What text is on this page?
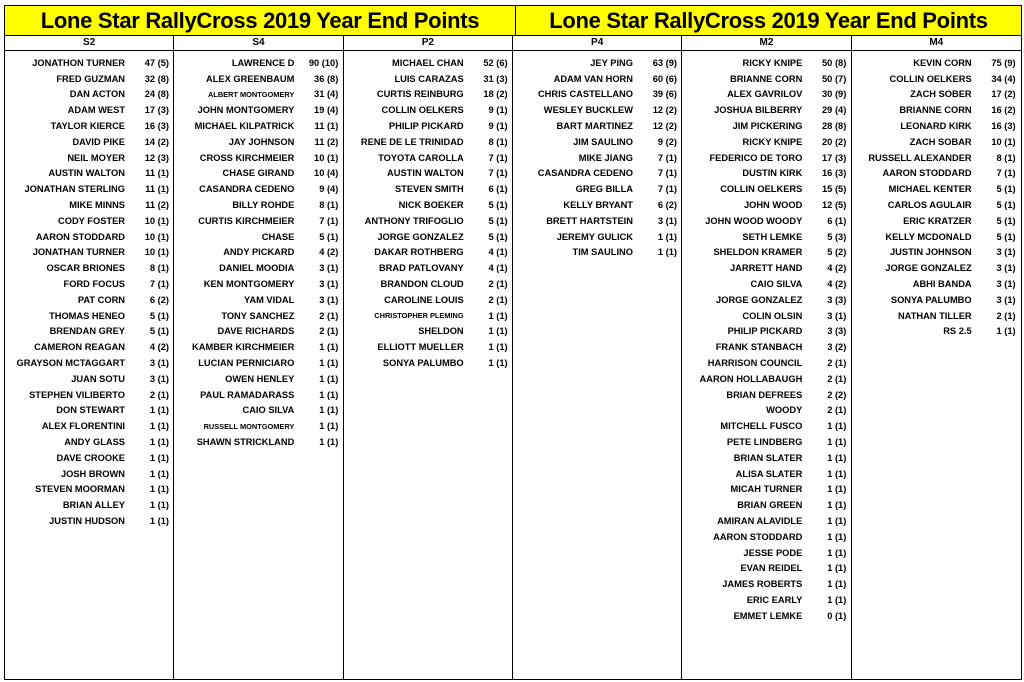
Lone Star RallyCross 2019 Year End Points	Lone Star RallyCross 2019 Year End Points
S2
JONATHON TURNER	47 (5)
FRED GUZMAN	32 (8)
DAN ACTON	24 (8)
ADAM WEST	17 (3)
TAYLOR KIERCE	16 (3)
DAVID PIKE	14 (2)
NEIL MOYER	12 (3)
AUSTIN WALTON	11 (1)
JONATHAN STERLING	11 (1)
MIKE MINNS	11 (2)
CODY FOSTER	10 (1)
AARON STODDARD	10 (1)
JONATHAN TURNER	10 (1)
OSCAR BRIONES	8 (1)
FORD FOCUS	7 (1)
PAT CORN	6 (2)
THOMAS HENEO	5 (1)
BRENDAN GREY	5 (1)
CAMERON REAGAN	4 (2)
GRAYSON MCTAGGART	3 (1)
JUAN SOTU	3 (1)
STEPHEN VILIBERTO	2 (1)
DON STEWART	1 (1)
ALEX FLORENTINI	1 (1)
ANDY GLASS	1 (1)
DAVE CROOKE	1 (1)
JOSH BROWN	1 (1)
STEVEN MOORMAN	1 (1)
BRIAN ALLEY	1 (1)
JUSTIN HUDSON	1 (1)
S4
LAWRENCE D	90 (10)
ALEX GREENBAUM	36 (8)
ALBERT MONTGOMERY	31 (4)
JOHN MONTGOMERY	19 (4)
MICHAEL KILPATRICK	11 (1)
JAY JOHNSON	11 (2)
CROSS KIRCHMEIER	10 (1)
CHASE GIRAND	10 (4)
CASANDRA CEDENO	9 (4)
BILLY ROHDE	8 (1)
CURTIS KIRCHMEIER	7 (1)
CHASE	5 (1)
ANDY PICKARD	4 (2)
DANIEL MOODIA	3 (1)
KEN MONTGOMERY	3 (1)
YAM VIDAL	3 (1)
TONY SANCHEZ	2 (1)
DAVE RICHARDS	2 (1)
KAMBER KIRCHMEIER	1 (1)
LUCIAN PERNICIARO	1 (1)
OWEN HENLEY	1 (1)
PAUL RAMADARASS	1 (1)
CAIO SILVA	1 (1)
RUSSELL MONTGOMERY	1 (1)
SHAWN STRICKLAND	1 (1)
P2
MICHAEL CHAN	52 (6)
LUIS CARAZAS	31 (3)
CURTIS REINBURG	18 (2)
COLLIN OELKERS	9 (1)
PHILIP PICKARD	9 (1)
RENE DE LE TRINIDAD	8 (1)
TOYOTA CAROLLA	7 (1)
AUSTIN WALTON	7 (1)
STEVEN SMITH	6 (1)
NICK BOEKER	5 (1)
ANTHONY TRIFOGLIO	5 (1)
JORGE GONZALEZ	5 (1)
DAKAR ROTHBERG	4 (1)
BRAD PATLOVANY	4 (1)
BRANDON CLOUD	2 (1)
CAROLINE LOUIS	2 (1)
CHRISTOPHER PLEMING	1 (1)
SHELDON	1 (1)
ELLIOTT MUELLER	1 (1)
SONYA PALUMBO	1 (1)
P4
JEY PING	63 (9)
ADAM VAN HORN	60 (6)
CHRIS CASTELLANO	39 (6)
WESLEY BUCKLEW	12 (2)
BART MARTINEZ	12 (2)
JIM SAULINO	9 (2)
MIKE JIANG	7 (1)
CASANDRA CEDENO	7 (1)
GREG BILLA	7 (1)
KELLY BRYANT	6 (2)
BRETT HARTSTEIN	3 (1)
JEREMY GULICK	1 (1)
TIM SAULINO	1 (1)
M2
RICKY KNIPE	50 (8)
BRIANNE CORN	50 (7)
ALEX GAVRILOV	30 (9)
JOSHUA BILBERRY	29 (4)
JIM PICKERING	28 (8)
RICKY KNIPE	20 (2)
FEDERICO DE TORO	17 (3)
DUSTIN KIRK	16 (3)
COLLIN OELKERS	15 (5)
JOHN WOOD	12 (5)
JOHN WOOD WOODY	6 (1)
SETH LEMKE	5 (3)
SHELDON KRAMER	5 (2)
JARRETT HAND	4 (2)
CAIO SILVA	4 (2)
JORGE GONZALEZ	3 (3)
COLIN OLSIN	3 (1)
PHILIP PICKARD	3 (3)
FRANK STANBACH	3 (2)
HARRISON COUNCIL	2 (1)
AARON HOLLABAUGH	2 (1)
BRIAN DEFREES	2 (2)
WOODY	2 (1)
MITCHELL FUSCO	1 (1)
PETE LINDBERG	1 (1)
BRIAN SLATER	1 (1)
ALISA SLATER	1 (1)
MICAH TURNER	1 (1)
BRIAN GREEN	1 (1)
AMIRAN ALAVIDLE	1 (1)
AARON STODDARD	1 (1)
JESSE PODE	1 (1)
EVAN REIDEL	1 (1)
JAMES ROBERTS	1 (1)
ERIC EARLY	1 (1)
EMMET LEMKE	0 (1)
M4
KEVIN CORN	75 (9)
COLLIN OELKERS	34 (4)
ZACH SOBER	17 (2)
BRIANNE CORN	16 (2)
LEONARD KIRK	16 (3)
ZACH SOBAR	10 (1)
RUSSELL ALEXANDER	8 (1)
AARON STODDARD	7 (1)
MICHAEL KENTER	5 (1)
CARLOS AGULAIR	5 (1)
ERIC KRATZER	5 (1)
KELLY MCDONALD	5 (1)
JUSTIN JOHNSON	3 (1)
JORGE GONZALEZ	3 (1)
ABHI BANDA	3 (1)
SONYA PALUMBO	3 (1)
NATHAN TILLER	2 (1)
RS 2.5	1 (1)
